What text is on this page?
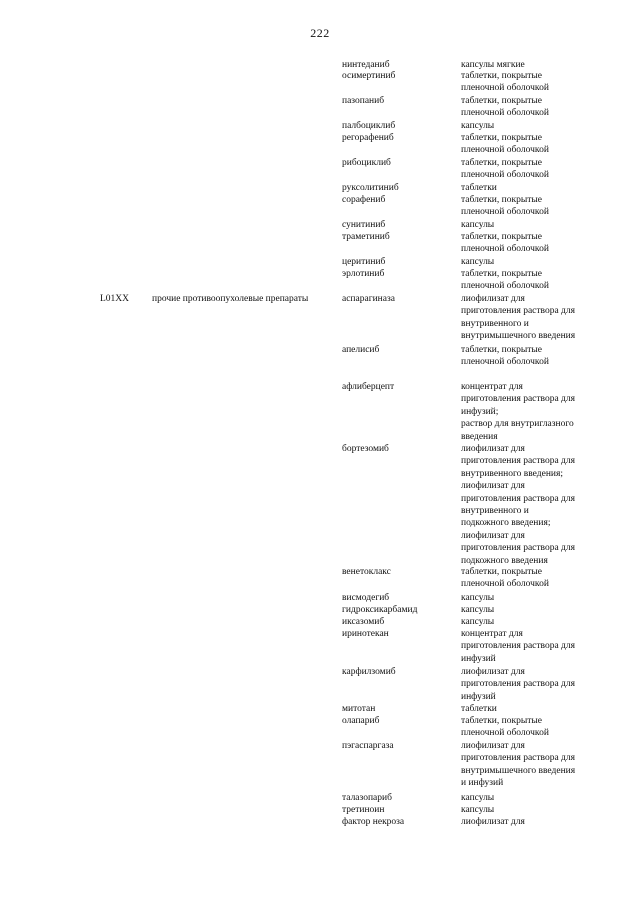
222
нинтеданиб	капсулы мягкие
осимертиниб	таблетки, покрытые
пленочной оболочкой
пазопаниб	таблетки, покрытые
пленочной оболочкой
палбоциклиб	капсулы
регорафениб	таблетки, покрытые
пленочной оболочкой
рибоциклиб	таблетки, покрытые
пленочной оболочкой
руксолитиниб	таблетки
сорафениб	таблетки, покрытые
пленочной оболочкой
сунитиниб	капсулы
траметиниб	таблетки, покрытые
пленочной оболочкой
церитиниб	капсулы
эрлотиниб	таблетки, покрытые
пленочной оболочкой
L01XX прочие противоопухолевые препараты	аспарагиназа	лиофилизат для
приготовления раствора для
внутривенного и
внутримышечного введения
апелисиб	таблетки, покрытые
пленочной оболочкой
афлиберцепт	концентрат для
приготовления раствора для
инфузий;
раствор для внутриглазного
введения
бортезомиб	лиофилизат для
приготовления раствора для
внутривенного введения;
лиофилизат для
приготовления раствора для
внутривенного и
подкожного введения;
лиофилизат для
приготовления раствора для
подкожного введения
венетоклакс	таблетки, покрытые
пленочной оболочкой
висмодегиб	капсулы
гидроксикарбамид	капсулы
иксазомиб	капсулы
иринотекан	концентрат для
приготовления раствора для
инфузий
карфилзомиб	лиофилизат для
приготовления раствора для
инфузий
митотан	таблетки
олапариб	таблетки, покрытые
пленочной оболочкой
пэгаспаргаза	лиофилизат для
приготовления раствора для
внутримышечного введения
и инфузий
талазопариб	капсулы
третиноин	капсулы
фактор некроза	лиофилизат для
